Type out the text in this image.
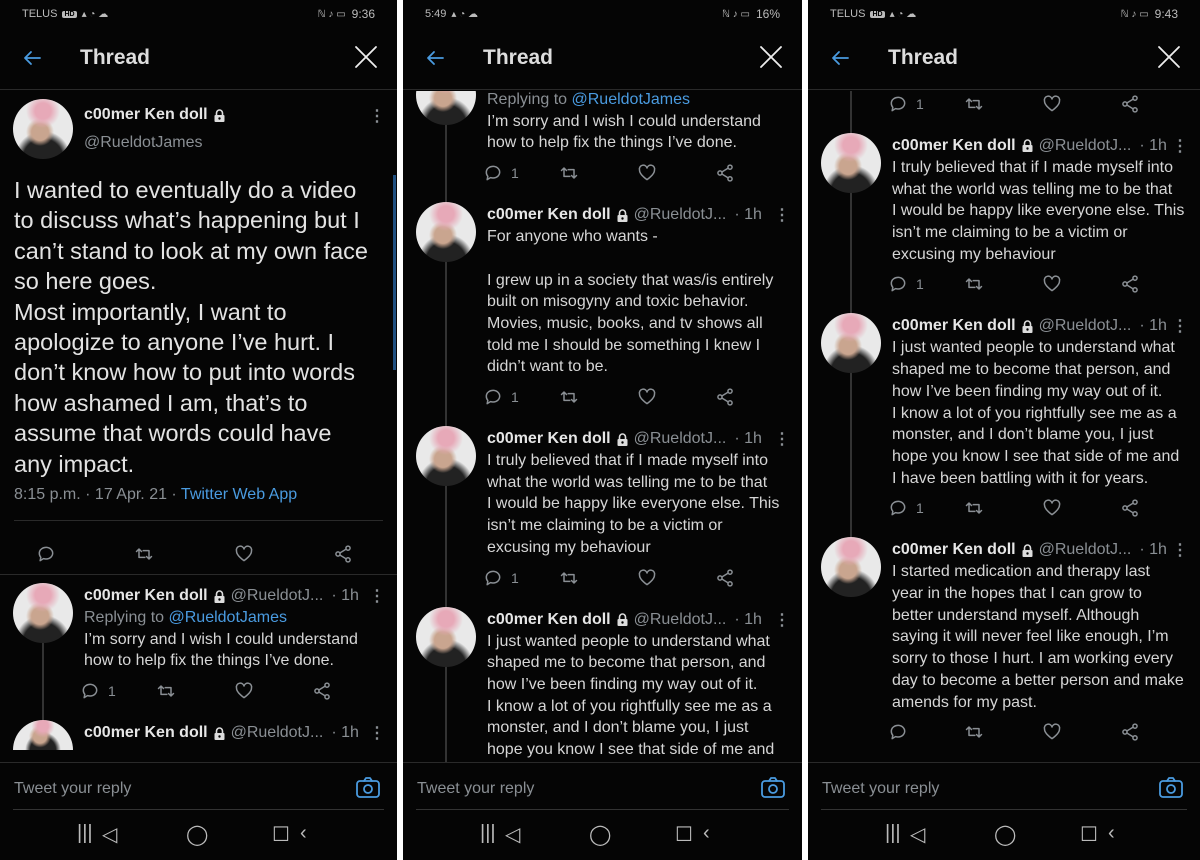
TELUS HD ▴ ◔ ☁	ℕ ♪ ▭ 9:36
Thread
c00mer Ken doll
@RueldotJames
⋮
I wanted to eventually do a video
to discuss what’s happening but I
can’t stand to look at my own face
so here goes.
Most importantly, I want to
apologize to anyone I’ve hurt. I
don’t know how to put into words
how ashamed I am, that’s to
assume that words could have
any impact.
8:15 p.m. · 17 Apr. 21 · Twitter Web App
c00mer Ken doll @RueldotJ... · 1h ⋮
Replying to @RueldotJames
I’m sorry and I wish I could understand
how to help fix the things I’ve done.
1
c00mer Ken doll @RueldotJ... · 1h ⋮
Tweet your reply
||| ◁	◯	☐ ‹
5:49 ▴ ◔ ☁	ℕ ♪ ▭ 16%
Thread
Replying to @RueldotJames
I’m sorry and I wish I could understand
how to help fix the things I’ve done.
1
c00mer Ken doll @RueldotJ... · 1h ⋮
For anyone who wants -

I grew up in a society that was/is entirely
built on misogyny and toxic behavior.
Movies, music, books, and tv shows all
told me I should be something I knew I
didn’t want to be.
1
c00mer Ken doll @RueldotJ... · 1h ⋮
I truly believed that if I made myself into
what the world was telling me to be that
I would be happy like everyone else. This
isn’t me claiming to be a victim or
excusing my behaviour
1
c00mer Ken doll @RueldotJ... · 1h ⋮
I just wanted people to understand what
shaped me to become that person, and
how I’ve been finding my way out of it.
I know a lot of you rightfully see me as a
monster, and I don’t blame you, I just
hope you know I see that side of me and

Tweet your reply
||| ◁	◯	☐ ‹
TELUS HD ▴ ◔ ☁	ℕ ♪ ▭ 9:43
Thread
1
c00mer Ken doll @RueldotJ... · 1h ⋮
I truly believed that if I made myself into
what the world was telling me to be that
I would be happy like everyone else. This
isn’t me claiming to be a victim or
excusing my behaviour
1
c00mer Ken doll @RueldotJ... · 1h ⋮
I just wanted people to understand what
shaped me to become that person, and
how I’ve been finding my way out of it.
I know a lot of you rightfully see me as a
monster, and I don’t blame you, I just
hope you know I see that side of me and
I have been battling with it for years.
1
c00mer Ken doll @RueldotJ... · 1h ⋮
I started medication and therapy last
year in the hopes that I can grow to
better understand myself. Although
saying it will never feel like enough, I’m
sorry to those I hurt. I am working every
day to become a better person and make
amends for my past.
Tweet your reply
||| ◁	◯	☐ ‹
